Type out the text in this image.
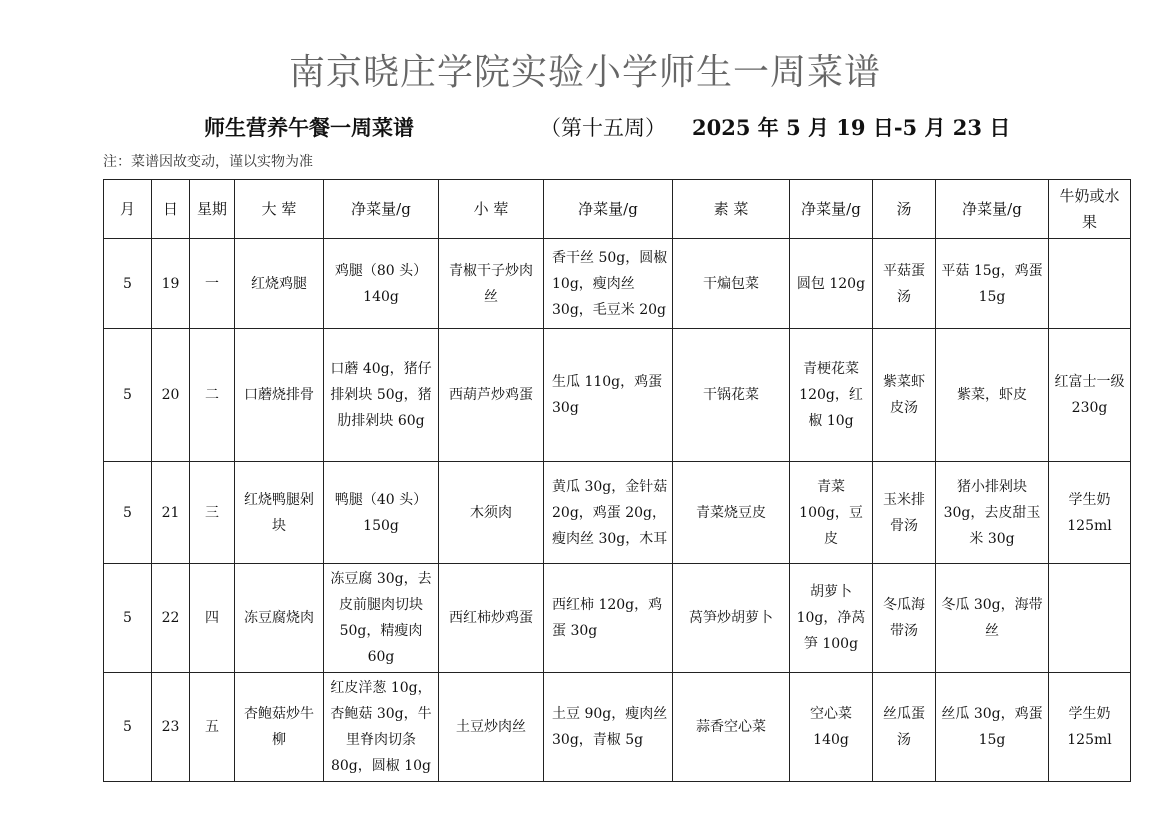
南京晓庄学院实验小学师生一周菜谱
师生营养午餐一周菜谱	（第十五周） 2025 年 5 月 19 日-5 月 23 日
注：菜谱因故变动，谨以实物为准
月	日	星期	大 荤	净菜量/g	小 荤	净菜量/g	素 菜	净菜量/g	汤	净菜量/g	牛奶或水果
5	19	一	红烧鸡腿	鸡腿（80 头）140g	青椒干子炒肉丝	香干丝 50g，圆椒 10g，瘦肉丝 30g，毛豆米 20g	干煸包菜	圆包 120g	平菇蛋汤	平菇 15g，鸡蛋 15g	
5	20	二	口蘑烧排骨	口蘑 40g，猪仔排剁块 50g，猪肋排剁块 60g	西葫芦炒鸡蛋	生瓜 110g，鸡蛋 30g	干锅花菜	青梗花菜 120g，红椒 10g	紫菜虾皮汤	紫菜，虾皮	红富士一级 230g
5	21	三	红烧鸭腿剁块	鸭腿（40 头）150g	木须肉	黄瓜 30g，金针菇 20g，鸡蛋 20g，瘦肉丝 30g，木耳	青菜烧豆皮	青菜 100g，豆皮	玉米排骨汤	猪小排剁块 30g，去皮甜玉米 30g	学生奶 125ml
5	22	四	冻豆腐烧肉	冻豆腐 30g，去皮前腿肉切块 50g，精瘦肉 60g	西红柿炒鸡蛋	西红柿 120g，鸡蛋 30g	莴笋炒胡萝卜	胡萝卜 10g，净莴笋 100g	冬瓜海带汤	冬瓜 30g，海带丝	
5	23	五	杏鲍菇炒牛柳	红皮洋葱 10g，杏鲍菇 30g，牛里脊肉切条 80g，圆椒 10g	土豆炒肉丝	土豆 90g，瘦肉丝 30g，青椒 5g	蒜香空心菜	空心菜 140g	丝瓜蛋汤	丝瓜 30g，鸡蛋 15g	学生奶 125ml
